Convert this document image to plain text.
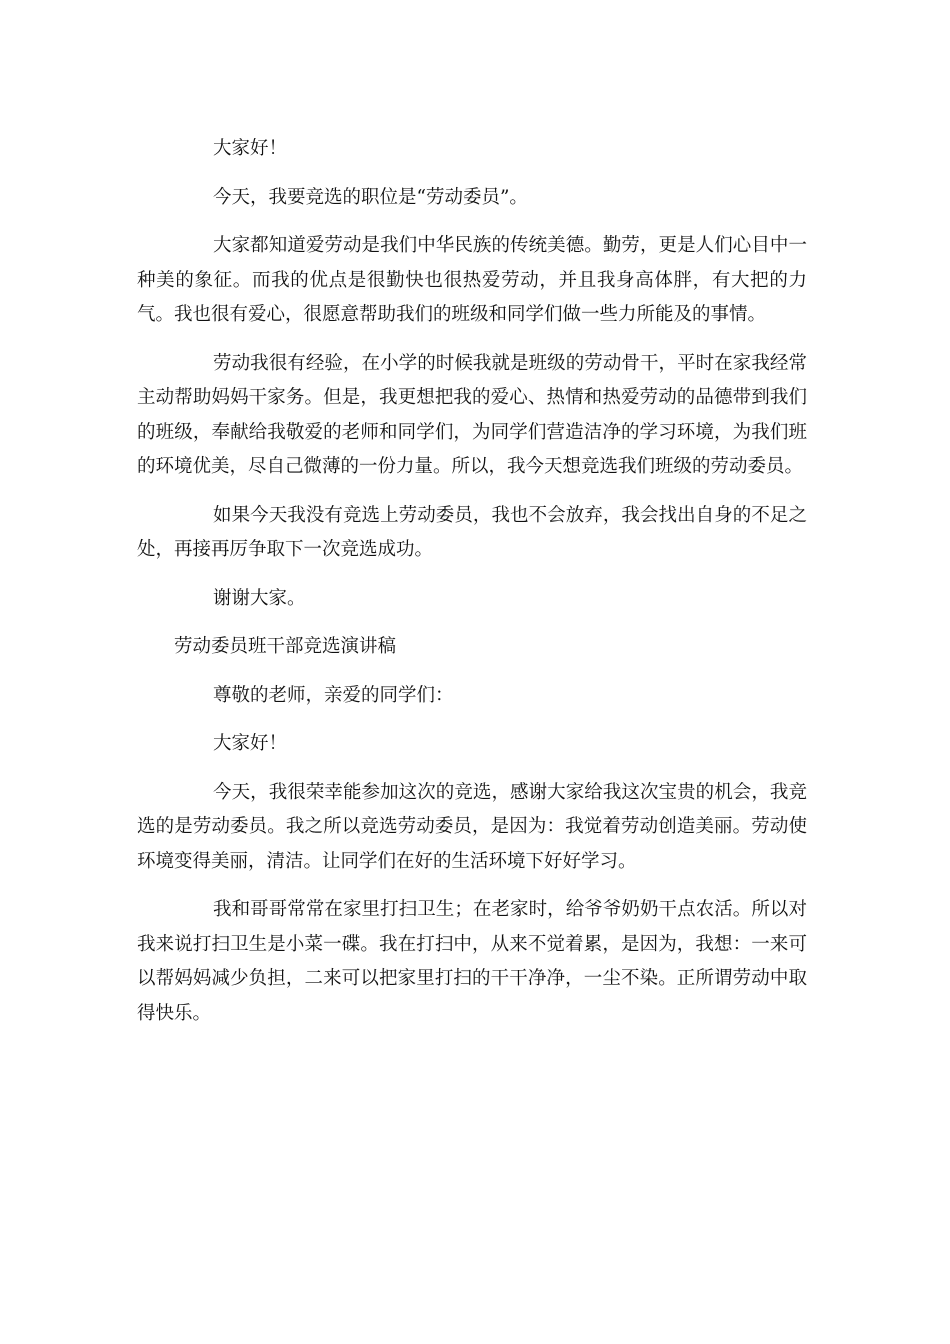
大家好！

今天，我要竞选的职位是“劳动委员”。

大家都知道爱劳动是我们中华民族的传统美德。勤劳，更是人们心目中一种美的象征。而我的优点是很勤快也很热爱劳动，并且我身高体胖，有大把的力气。我也很有爱心，很愿意帮助我们的班级和同学们做一些力所能及的事情。

劳动我很有经验，在小学的时候我就是班级的劳动骨干，平时在家我经常主动帮助妈妈干家务。但是，我更想把我的爱心、热情和热爱劳动的品德带到我们的班级，奉献给我敬爱的老师和同学们，为同学们营造洁净的学习环境，为我们班的环境优美，尽自己微薄的一份力量。所以，我今天想竞选我们班级的劳动委员。

如果今天我没有竞选上劳动委员，我也不会放弃，我会找出自身的不足之处，再接再厉争取下一次竞选成功。

谢谢大家。

劳动委员班干部竞选演讲稿

尊敬的老师，亲爱的同学们：

大家好！

今天，我很荣幸能参加这次的竞选，感谢大家给我这次宝贵的机会，我竞选的是劳动委员。我之所以竞选劳动委员，是因为：我觉着劳动创造美丽。劳动使环境变得美丽，清洁。让同学们在好的生活环境下好好学习。

我和哥哥常常在家里打扫卫生；在老家时，给爷爷奶奶干点农活。所以对我来说打扫卫生是小菜一碟。我在打扫中，从来不觉着累，是因为，我想：一来可以帮妈妈减少负担，二来可以把家里打扫的干干净净，一尘不染。正所谓劳动中取得快乐。
